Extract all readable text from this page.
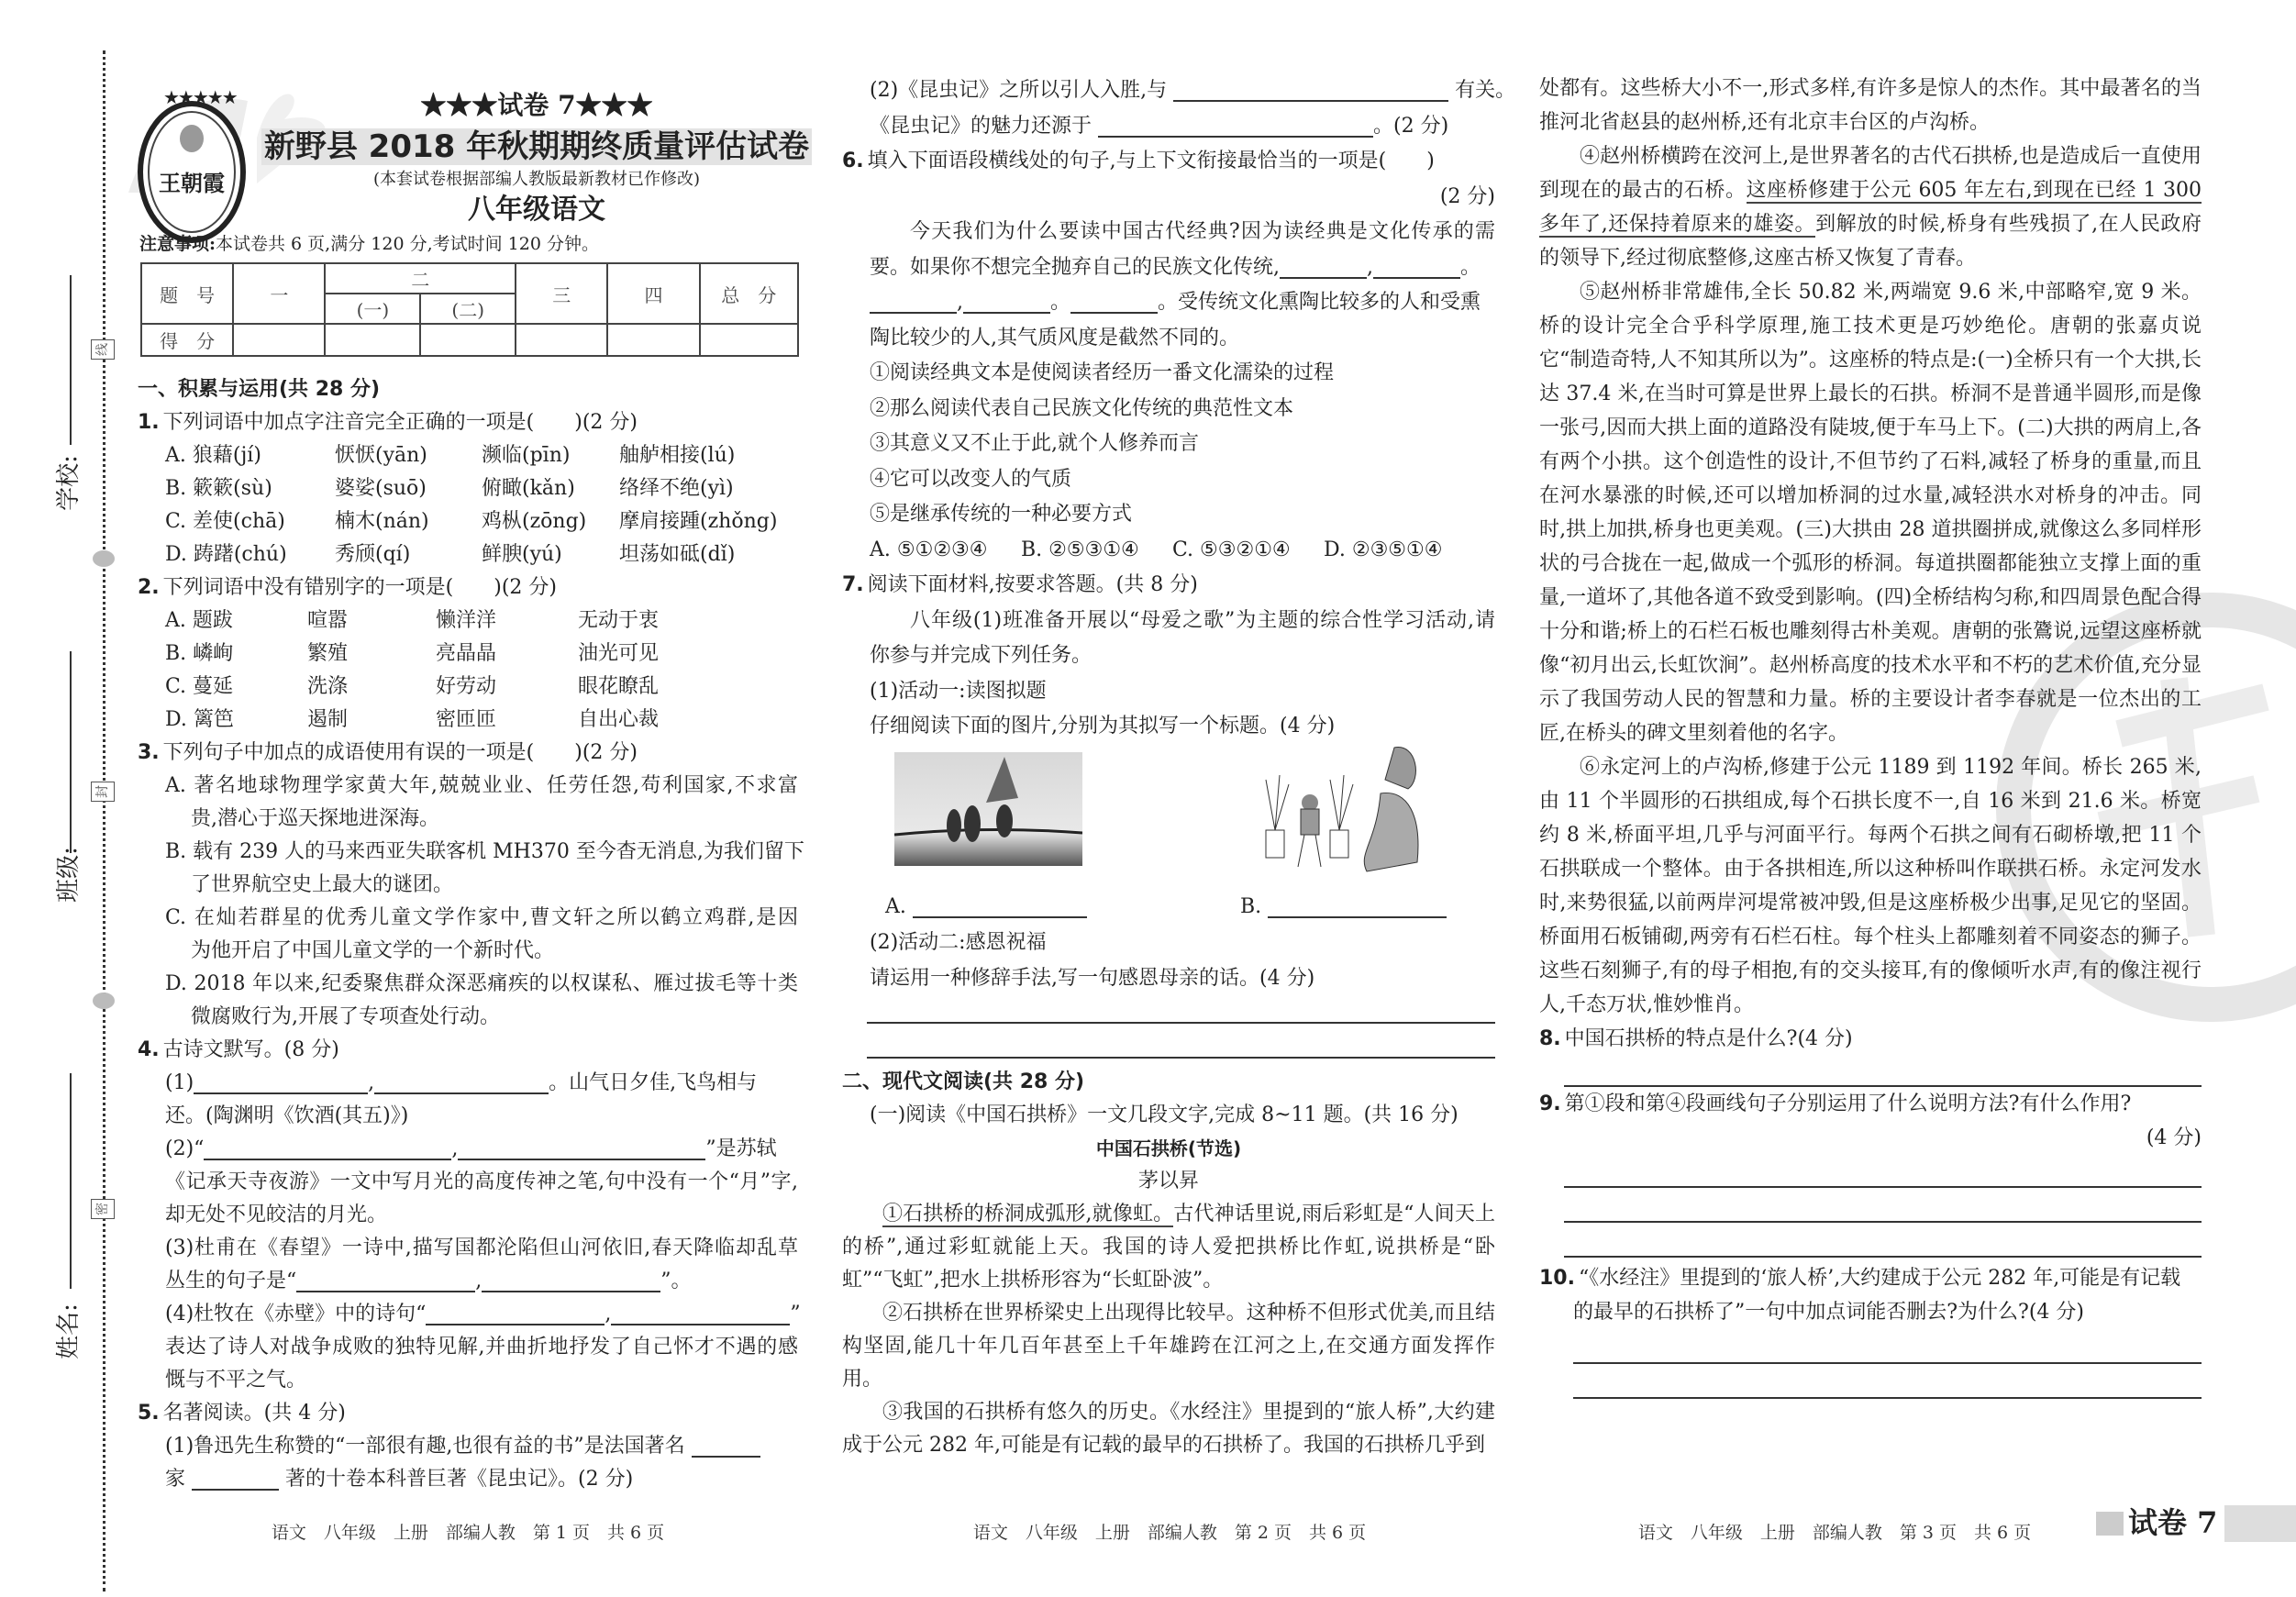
线
封
密
学校:
班级:
姓名:
★★★★★
王朝霞
★★★试卷 7★★★
新野县 2018 年秋期期终质量评估试卷
(本套试卷根据部编人教版最新教材已作修改)
八年级语文
注意事项:本试卷共 6 页,满分 120 分,考试时间 120 分钟。
题　号	一	二		三	四	总　分
		(一)	(二)			
得　分						
一、积累与运用(共 28 分)
1. 下列词语中加点字注音完全正确的一项是(　　)(2 分)
A. 狼藉(jí)	恹恹(yān)	濒临(pīn)	舳舻相接(lú)
B. 簌簌(sù)	婆娑(suō)	俯瞰(kǎn)	络绎不绝(yì)
C. 差使(chā)	楠木(nán)	鸡枞(zōng)	摩肩接踵(zhǒng)
D. 踌躇(chú)	秀颀(qí)	鲜腴(yú)	坦荡如砥(dǐ)
2. 下列词语中没有错别字的一项是(　　)(2 分)
A. 题跋	喧嚣	懒洋洋	无动于衷
B. 嶙峋	繁殖	亮晶晶	油光可见
C. 蔓延	洗涤	好劳动	眼花瞭乱
D. 篱笆	遏制	密匝匝	自出心裁
3. 下列句子中加点的成语使用有误的一项是(　　)(2 分)
A. 著名地球物理学家黄大年,兢兢业业、任劳任怨,苟利国家,不求富
贵,潜心于巡天探地进深海。
B. 载有 239 人的马来西亚失联客机 MH370 至今杳无消息,为我们留下
了世界航空史上最大的谜团。
C. 在灿若群星的优秀儿童文学作家中,曹文轩之所以鹤立鸡群,是因
为他开启了中国儿童文学的一个新时代。
D. 2018 年以来,纪委聚焦群众深恶痛疾的以权谋私、雁过拔毛等十类
微腐败行为,开展了专项查处行动。
4. 古诗文默写。(8 分)
(1)	,	。山气日夕佳,飞鸟相与
还。(陶渊明《饮酒(其五)》)
(2)“	,	”是苏轼
《记承天寺夜游》一文中写月光的高度传神之笔,句中没有一个“月”字,
却无处不见皎洁的月光。
(3)杜甫在《春望》一诗中,描写国都沦陷但山河依旧,春天降临却乱草
丛生的句子是“	,	”。
(4)杜牧在《赤壁》中的诗句“	,	”
表达了诗人对战争成败的独特见解,并曲折地抒发了自己怀才不遇的感
慨与不平之气。
5. 名著阅读。(共 4 分)
(1)鲁迅先生称赞的“一部很有趣,也很有益的书”是法国著名
家	著的十卷本科普巨著《昆虫记》。(2 分)
(2)《昆虫记》之所以引人入胜,与	有关。
《昆虫记》的魅力还源于	。(2 分)
6. 填入下面语段横线处的句子,与上下文衔接最恰当的一项是(　　)
(2 分)
今天我们为什么要读中国古代经典?因为读经典是文化传承的需
要。如果你不想完全抛弃自己的民族文化传统,	,	。
,	。	。受传统文化熏陶比较多的人和受熏
陶比较少的人,其气质风度是截然不同的。
①阅读经典文本是使阅读者经历一番文化濡染的过程
②那么阅读代表自己民族文化传统的典范性文本
③其意义又不止于此,就个人修养而言
④它可以改变人的气质
⑤是继承传统的一种必要方式
A. ⑤①②③④	B. ②⑤③①④	C. ⑤③②①④	D. ②③⑤①④
7. 阅读下面材料,按要求答题。(共 8 分)
八年级(1)班准备开展以“母爱之歌”为主题的综合性学习活动,请
你参与并完成下列任务。
(1)活动一:读图拟题
仔细阅读下面的图片,分别为其拟写一个标题。(4 分)
A.	B.
(2)活动二:感恩祝福
请运用一种修辞手法,写一句感恩母亲的话。(4 分)
二、现代文阅读(共 28 分)
(一)阅读《中国石拱桥》一文几段文字,完成 8~11 题。(共 16 分)
中国石拱桥(节选)
茅以昇

①石拱桥的桥洞成弧形,就像虹。古代神话里说,雨后彩虹是“人间天上的桥”,通过彩虹就能上天。我国的诗人爱把拱桥比作虹,说拱桥是“卧虹”“飞虹”,把水上拱桥形容为“长虹卧波”。

②石拱桥在世界桥梁史上出现得比较早。这种桥不但形式优美,而且结构坚固,能几十年几百年甚至上千年雄跨在江河之上,在交通方面发挥作用。

③我国的石拱桥有悠久的历史。《水经注》里提到的“旅人桥”,大约建成于公元 282 年,可能是有记载的最早的石拱桥了。我国的石拱桥几乎到

处都有。这些桥大小不一,形式多样,有许多是惊人的杰作。其中最著名的当推河北省赵县的赵州桥,还有北京丰台区的卢沟桥。

④赵州桥横跨在洨河上,是世界著名的古代石拱桥,也是造成后一直使用到现在的最古的石桥。这座桥修建于公元 605 年左右,到现在已经 1 300 多年了,还保持着原来的雄姿。到解放的时候,桥身有些残损了,在人民政府的领导下,经过彻底整修,这座古桥又恢复了青春。

⑤赵州桥非常雄伟,全长 50.82 米,两端宽 9.6 米,中部略窄,宽 9 米。桥的设计完全合乎科学原理,施工技术更是巧妙绝伦。唐朝的张嘉贞说它“制造奇特,人不知其所以为”。这座桥的特点是:(一)全桥只有一个大拱,长达 37.4 米,在当时可算是世界上最长的石拱。桥洞不是普通半圆形,而是像一张弓,因而大拱上面的道路没有陡坡,便于车马上下。(二)大拱的两肩上,各有两个小拱。这个创造性的设计,不但节约了石料,减轻了桥身的重量,而且在河水暴涨的时候,还可以增加桥洞的过水量,减轻洪水对桥身的冲击。同时,拱上加拱,桥身也更美观。(三)大拱由 28 道拱圈拼成,就像这么多同样形状的弓合拢在一起,做成一个弧形的桥洞。每道拱圈都能独立支撑上面的重量,一道坏了,其他各道不致受到影响。(四)全桥结构匀称,和四周景色配合得十分和谐;桥上的石栏石板也雕刻得古朴美观。唐朝的张鷟说,远望这座桥就像“初月出云,长虹饮涧”。赵州桥高度的技术水平和不朽的艺术价值,充分显示了我国劳动人民的智慧和力量。桥的主要设计者李春就是一位杰出的工匠,在桥头的碑文里刻着他的名字。

⑥永定河上的卢沟桥,修建于公元 1189 到 1192 年间。桥长 265 米,由 11 个半圆形的石拱组成,每个石拱长度不一,自 16 米到 21.6 米。桥宽约 8 米,桥面平坦,几乎与河面平行。每两个石拱之间有石砌桥墩,把 11 个石拱联成一个整体。由于各拱相连,所以这种桥叫作联拱石桥。永定河发水时,来势很猛,以前两岸河堤常被冲毁,但是这座桥极少出事,足见它的坚固。桥面用石板铺砌,两旁有石栏石柱。每个柱头上都雕刻着不同姿态的狮子。这些石刻狮子,有的母子相抱,有的交头接耳,有的像倾听水声,有的像注视行人,千态万状,惟妙惟肖。

8. 中国石拱桥的特点是什么?(4 分)
9. 第①段和第④段画线句子分别运用了什么说明方法?有什么作用?
(4 分)
10. “《水经注》里提到的‘旅人桥’,大约建成于公元 282 年,可能是有记载
的最早的石拱桥了”一句中加点词能否删去?为什么?(4 分)
试卷 7
语文　八年级　上册　部编人教　第 1 页　共 6 页	语文　八年级　上册　部编人教　第 2 页　共 6 页	语文　八年级　上册　部编人教　第 3 页　共 6 页
